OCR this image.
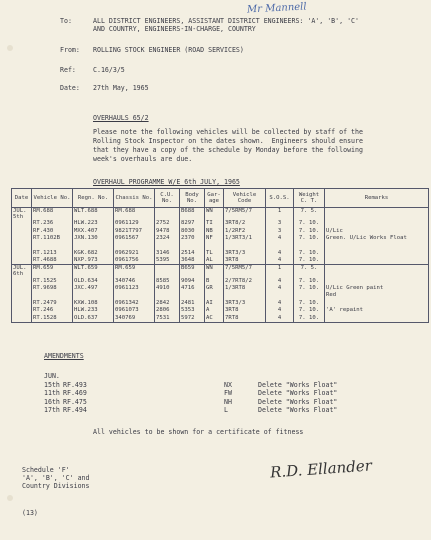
Mr Mannell
To:	ALL DISTRICT ENGINEERS, ASSISTANT DISTRICT ENGINEERS: 'A', 'B', 'C'
AND COUNTRY, ENGINEERS-IN-CHARGE, COUNTRY
From: ROLLING STOCK ENGINEER (ROAD SERVICES)
Ref:	C.16/3/5
Date: 27th May, 1965
OVERHAULS 65/2
Please note the following vehicles will be collected by staff of the
Rolling Stock Inspector on the dates shown.  Engineers should ensure
that they have a copy of the schedule by Monday before the following
week's overhauls are due.
OVERHAUL PROGRAMME W/E 6th JULY, 1965
Date	Vehicle No.	Regn. No.	Chassis No.	C.U. No.	Body No.	Gar-age	Vehicle Code	S.O.S.	Weight C. T.	Remarks
JUL. 5th	RM.688	WLT.688	RM.688		B688	WN	7/5RM5/7	1	7. 5.	
	RT.236	HLW.223	0961129	2752	8297	TI	3RT8/2	3	7. 10.	
	RF.430	MXX.407	9821T797	9478	8030	NB	1/2RF2	3	7. 10.	U/Lic
	RT.1102B	JXN.130	0961567	2324	2370	NF	1/3RT3/1	4	7. 10.	Green. U/Lic Works Float

	RT.1213	KGK.682	0962921	3146	2514	TL	3RT3/3	4	7. 10.	
	RT.4688	NXP.973	0961756	5395	3648	AL	3RT8	4	7. 10.	
JUL. 6th	RM.659	WLT.659	RM.659		B659	WN	7/5RM5/7	1	7. 5.	
	RT.1525	OLD.634	340746	8585	9094	B	2/7RT8/2	4	7. 10.	
	RT.9698	JXC.497	0961123	4910	4716	GR	1/3RT8	4	7. 10.	U/Lic Green paint
										Red
	RT.2479	KXW.108	0961342	2842	2481	AI	3RT3/3	4	7. 10.	
	RT.246	HLW.233	0961073	2806	5353	A	3RT8	4	7. 10.	'A' repaint
	RT.1528	OLD.637	340769	7531	5972	AC	7RT8	4	7. 10.	
AMENDMENTS
JUN.
15th RF.493	NX	Delete "Works Float"
11th RF.469	FW	Delete "Works Float"
16th RF.475	NH	Delete "Works Float"
17th RF.494	L	Delete "Works Float"
All vehicles to be shown for a certificate of fitness
Schedule 'F'
'A', 'B', 'C' and
Country Divisions
R.D. Ellander
(13)
